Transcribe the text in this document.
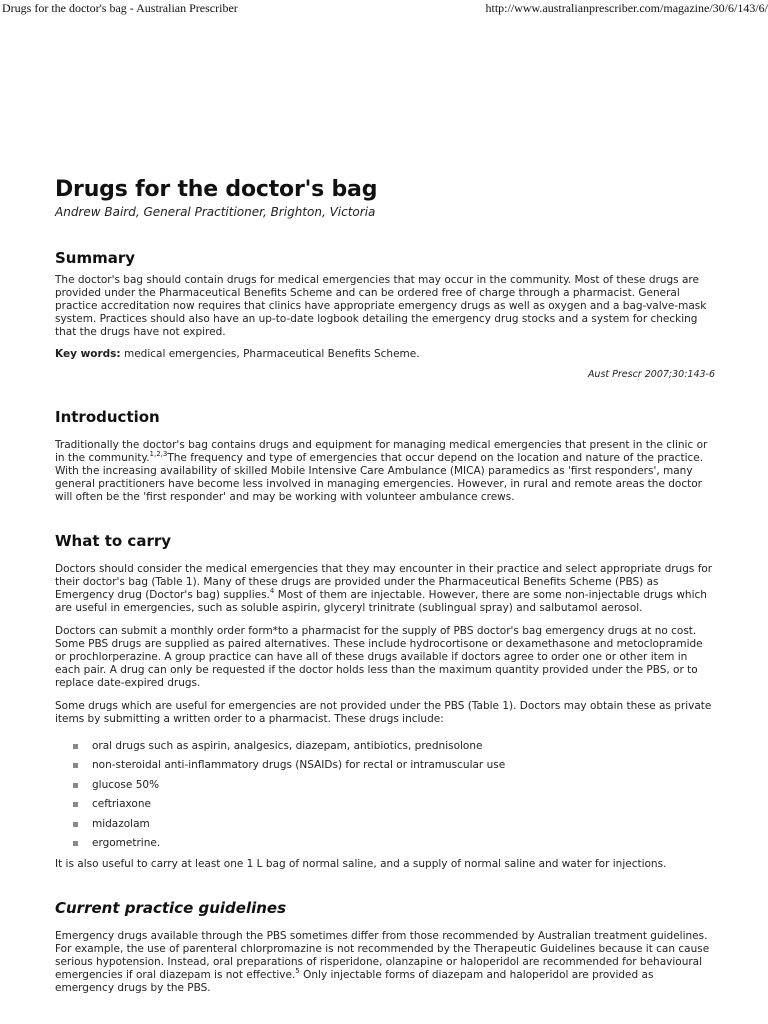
Drugs for the doctor's bag - Australian Prescriber	http://www.australianprescriber.com/magazine/30/6/143/6/
Drugs for the doctor's bag
Andrew Baird, General Practitioner, Brighton, Victoria
Summary

The doctor's bag should contain drugs for medical emergencies that may occur in the community. Most of these drugs are provided under the Pharmaceutical Benefits Scheme and can be ordered free of charge through a pharmacist. General practice accreditation now requires that clinics have appropriate emergency drugs as well as oxygen and a bag-valve-mask system. Practices should also have an up-to-date logbook detailing the emergency drug stocks and a system for checking that the drugs have not expired.

Key words: medical emergencies, Pharmaceutical Benefits Scheme.

Aust Prescr 2007;30:143-6
Introduction

Traditionally the doctor's bag contains drugs and equipment for managing medical emergencies that present in the clinic or in the community.$^{1,2,3}$The frequency and type of emergencies that occur depend on the location and nature of the practice. With the increasing availability of skilled Mobile Intensive Care Ambulance (MICA) paramedics as 'first responders', many general practitioners have become less involved in managing emergencies. However, in rural and remote areas the doctor will often be the 'first responder' and may be working with volunteer ambulance crews.

What to carry

Doctors should consider the medical emergencies that they may encounter in their practice and select appropriate drugs for their doctor's bag (Table 1). Many of these drugs are provided under the Pharmaceutical Benefits Scheme (PBS) as Emergency drug (Doctor's bag) supplies.$^4$ Most of them are injectable. However, there are some non-injectable drugs which are useful in emergencies, such as soluble aspirin, glyceryl trinitrate (sublingual spray) and salbutamol aerosol.

Doctors can submit a monthly order form*to a pharmacist for the supply of PBS doctor's bag emergency drugs at no cost. Some PBS drugs are supplied as paired alternatives. These include hydrocortisone or dexamethasone and metoclopramide or prochlorperazine. A group practice can have all of these drugs available if doctors agree to order one or other item in each pair. A drug can only be requested if the doctor holds less than the maximum quantity provided under the PBS, or to replace date-expired drugs.

Some drugs which are useful for emergencies are not provided under the PBS (Table 1). Doctors may obtain these as private items by submitting a written order to a pharmacist. These drugs include:

oral drugs such as aspirin, analgesics, diazepam, antibiotics, prednisolone
non-steroidal anti-inflammatory drugs (NSAIDs) for rectal or intramuscular use
glucose 50%
ceftriaxone
midazolam
ergometrine.

It is also useful to carry at least one 1 L bag of normal saline, and a supply of normal saline and water for injections.

Current practice guidelines

Emergency drugs available through the PBS sometimes differ from those recommended by Australian treatment guidelines. For example, the use of parenteral chlorpromazine is not recommended by the Therapeutic Guidelines because it can cause serious hypotension. Instead, oral preparations of risperidone, olanzapine or haloperidol are recommended for behavioural emergencies if oral diazepam is not effective.$^5$ Only injectable forms of diazepam and haloperidol are provided as emergency drugs by the PBS.
